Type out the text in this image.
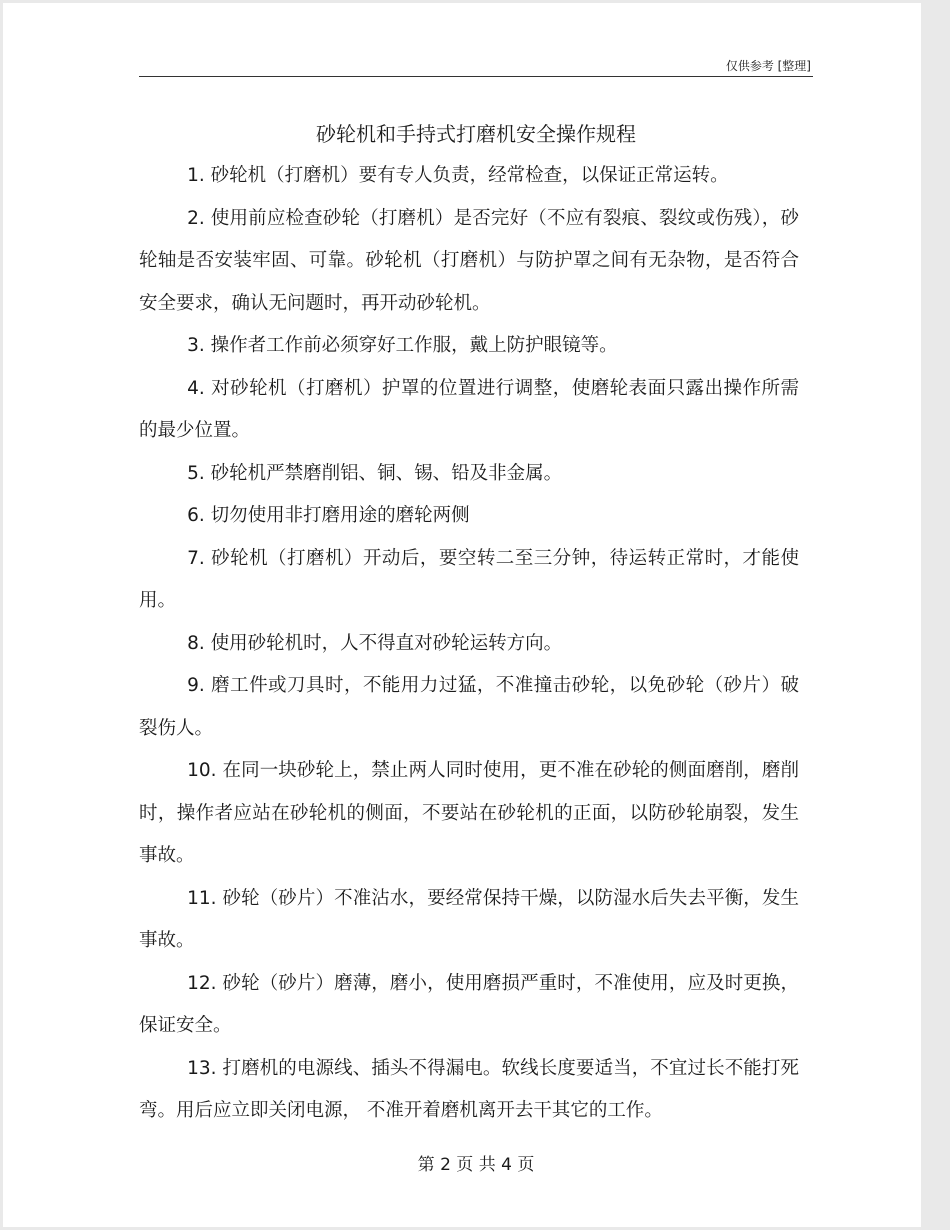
仅供参考 [整理]
砂轮机和手持式打磨机安全操作规程

1. 砂轮机（打磨机）要有专人负责，经常检查，以保证正常运转。

2. 使用前应检查砂轮（打磨机）是否完好（不应有裂痕、裂纹或伤残），砂轮轴是否安装牢固、可靠。砂轮机（打磨机）与防护罩之间有无杂物，是否符合安全要求，确认无问题时，再开动砂轮机。

3. 操作者工作前必须穿好工作服，戴上防护眼镜等。

4. 对砂轮机（打磨机）护罩的位置进行调整，使磨轮表面只露出操作所需的最少位置。

5. 砂轮机严禁磨削铝、铜、锡、铅及非金属。

6. 切勿使用非打磨用途的磨轮两侧

7. 砂轮机（打磨机）开动后，要空转二至三分钟，待运转正常时，才能使用。

8. 使用砂轮机时，人不得直对砂轮运转方向。

9. 磨工件或刀具时，不能用力过猛，不准撞击砂轮，以免砂轮（砂片）破裂伤人。

10. 在同一块砂轮上，禁止两人同时使用，更不准在砂轮的侧面磨削，磨削时，操作者应站在砂轮机的侧面，不要站在砂轮机的正面，以防砂轮崩裂，发生事故。

11. 砂轮（砂片）不准沾水，要经常保持干燥，以防湿水后失去平衡，发生事故。

12. 砂轮（砂片）磨薄，磨小，使用磨损严重时，不准使用，应及时更换，保证安全。

13. 打磨机的电源线、插头不得漏电。软线长度要适当，不宜过长不能打死弯。用后应立即关闭电源， 不准开着磨机离开去干其它的工作。

第 2 页 共 4 页
